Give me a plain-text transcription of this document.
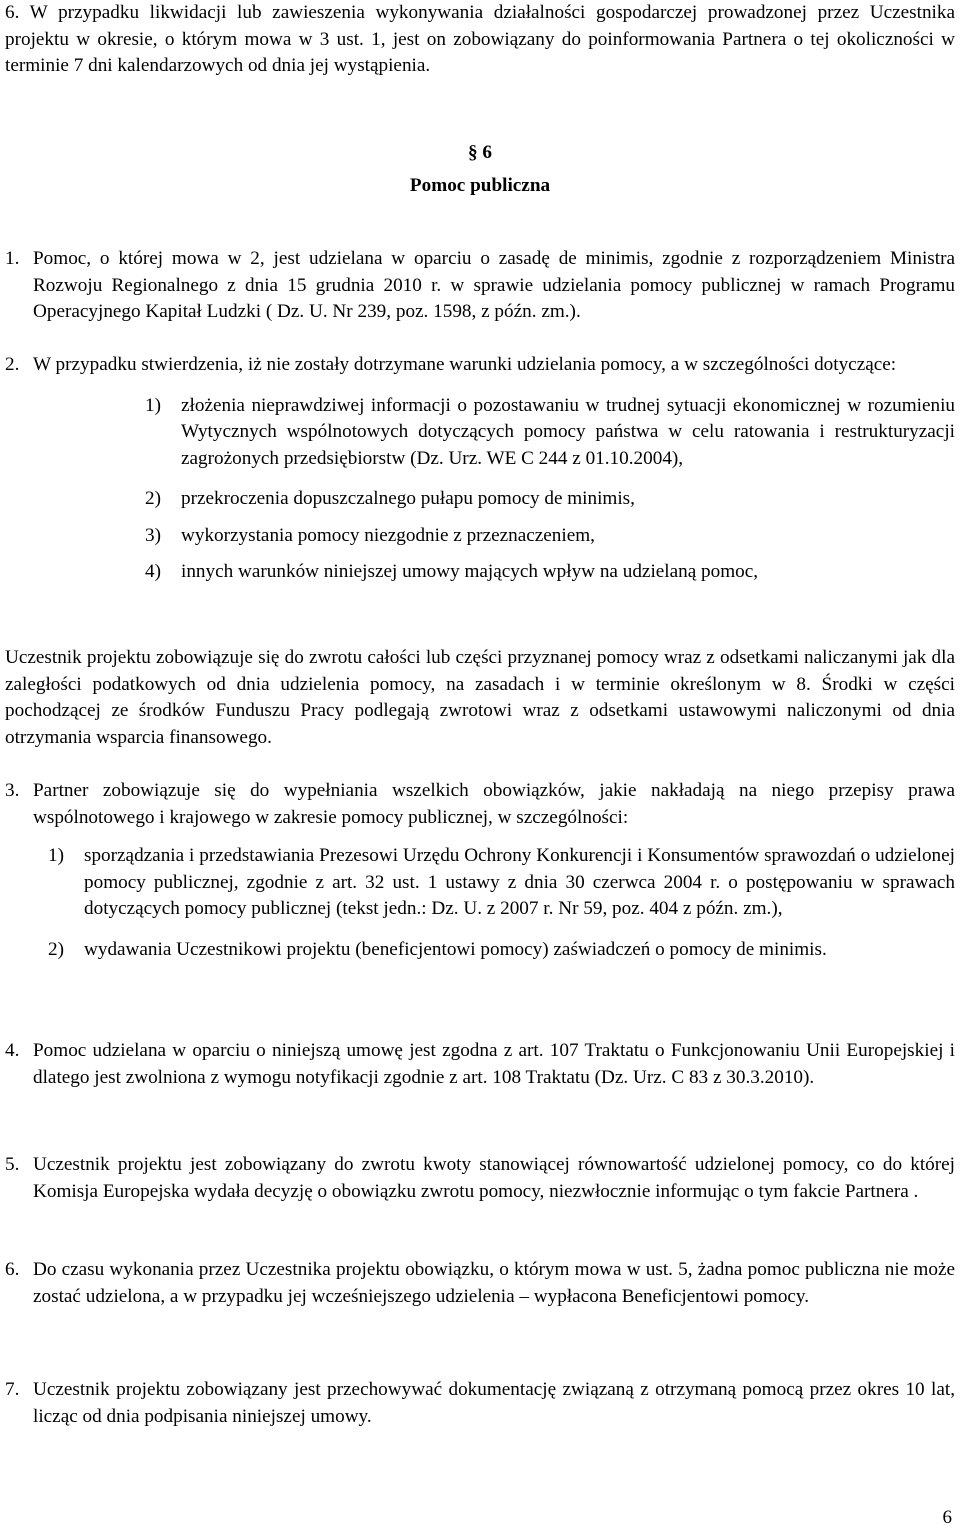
6. W przypadku likwidacji lub zawieszenia wykonywania działalności gospodarczej prowadzonej przez Uczestnika projektu w okresie, o którym mowa w 3 ust. 1, jest on zobowiązany do poinformowania Partnera o tej okoliczności w terminie 7 dni kalendarzowych od dnia jej wystąpienia.

§ 6

Pomoc publiczna

1. Pomoc, o której mowa w 2, jest udzielana w oparciu o zasadę de minimis, zgodnie z rozporządzeniem Ministra Rozwoju Regionalnego z dnia 15 grudnia 2010 r. w sprawie udzielania pomocy publicznej w ramach Programu Operacyjnego Kapitał Ludzki ( Dz. U. Nr 239, poz. 1598, z późn. zm.).
2. W przypadku stwierdzenia, iż nie zostały dotrzymane warunki udzielania pomocy, a w szczególności dotyczące:
1)	złożenia nieprawdziwej informacji o pozostawaniu w trudnej sytuacji ekonomicznej w rozumieniu Wytycznych wspólnotowych dotyczących pomocy państwa w celu ratowania i restrukturyzacji zagrożonych przedsiębiorstw (Dz. Urz. WE C 244 z 01.10.2004),
2)	przekroczenia dopuszczalnego pułapu pomocy de minimis,
3)	wykorzystania pomocy niezgodnie z przeznaczeniem,
4)	innych warunków niniejszej umowy mających wpływ na udzielaną pomoc,

Uczestnik projektu zobowiązuje się do zwrotu całości lub części przyznanej pomocy wraz z odsetkami naliczanymi jak dla zaległości podatkowych od dnia udzielenia pomocy, na zasadach i w terminie określonym w 8. Środki w części pochodzącej ze środków Funduszu Pracy podlegają zwrotowi wraz z odsetkami ustawowymi naliczonymi od dnia otrzymania wsparcia finansowego.

3. Partner zobowiązuje się do wypełniania wszelkich obowiązków, jakie nakładają na niego przepisy prawa wspólnotowego i krajowego w zakresie pomocy publicznej, w szczególności:
1)	sporządzania i przedstawiania Prezesowi Urzędu Ochrony Konkurencji i Konsumentów sprawozdań o udzielonej pomocy publicznej, zgodnie z art. 32 ust. 1 ustawy z dnia 30 czerwca 2004 r. o postępowaniu w sprawach dotyczących pomocy publicznej (tekst jedn.: Dz. U. z 2007 r. Nr 59, poz. 404 z późn. zm.),
2)	wydawania Uczestnikowi projektu (beneficjentowi pomocy) zaświadczeń o pomocy de minimis.
4. Pomoc udzielana w oparciu o niniejszą umowę jest zgodna z art. 107 Traktatu o Funkcjonowaniu Unii Europejskiej i dlatego jest zwolniona z wymogu notyfikacji zgodnie z art. 108 Traktatu (Dz. Urz. C 83 z 30.3.2010).
5. Uczestnik projektu jest zobowiązany do zwrotu kwoty stanowiącej równowartość udzielonej pomocy, co do której Komisja Europejska wydała decyzję o obowiązku zwrotu pomocy, niezwłocznie informując o tym fakcie Partnera .
6. Do czasu wykonania przez Uczestnika projektu obowiązku, o którym mowa w ust. 5, żadna pomoc publiczna nie może zostać udzielona, a w przypadku jej wcześniejszego udzielenia – wypłacona Beneficjentowi pomocy.
7. Uczestnik projektu zobowiązany jest przechowywać dokumentację związaną z otrzymaną pomocą przez okres 10 lat, licząc od dnia podpisania niniejszej umowy.
6
